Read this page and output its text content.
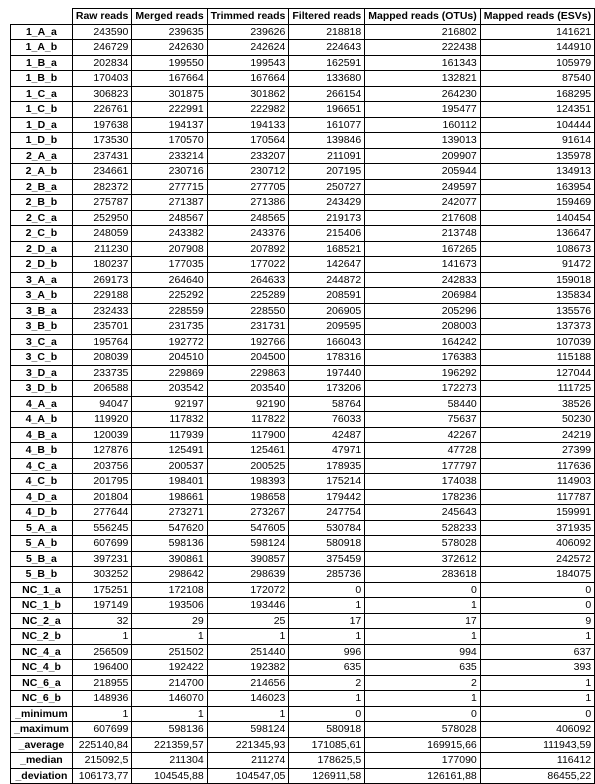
	Raw reads	Merged reads	Trimmed reads	Filtered reads	Mapped reads (OTUs)	Mapped reads (ESVs)
1_A_a	243590	239635	239626	218818	216802	141621
1_A_b	246729	242630	242624	224643	222438	144910
1_B_a	202834	199550	199543	162591	161343	105979
1_B_b	170403	167664	167664	133680	132821	87540
1_C_a	306823	301875	301862	266154	264230	168295
1_C_b	226761	222991	222982	196651	195477	124351
1_D_a	197638	194137	194133	161077	160112	104444
1_D_b	173530	170570	170564	139846	139013	91614
2_A_a	237431	233214	233207	211091	209907	135978
2_A_b	234661	230716	230712	207195	205944	134913
2_B_a	282372	277715	277705	250727	249597	163954
2_B_b	275787	271387	271386	243429	242077	159469
2_C_a	252950	248567	248565	219173	217608	140454
2_C_b	248059	243382	243376	215406	213748	136647
2_D_a	211230	207908	207892	168521	167265	108673
2_D_b	180237	177035	177022	142647	141673	91472
3_A_a	269173	264640	264633	244872	242833	159018
3_A_b	229188	225292	225289	208591	206984	135834
3_B_a	232433	228559	228550	206905	205296	135576
3_B_b	235701	231735	231731	209595	208003	137373
3_C_a	195764	192772	192766	166043	164242	107039
3_C_b	208039	204510	204500	178316	176383	115188
3_D_a	233735	229869	229863	197440	196292	127044
3_D_b	206588	203542	203540	173206	172273	111725
4_A_a	94047	92197	92190	58764	58440	38526
4_A_b	119920	117832	117822	76033	75637	50230
4_B_a	120039	117939	117900	42487	42267	24219
4_B_b	127876	125491	125461	47971	47728	27399
4_C_a	203756	200537	200525	178935	177797	117636
4_C_b	201795	198401	198393	175214	174038	114903
4_D_a	201804	198661	198658	179442	178236	117787
4_D_b	277644	273271	273267	247754	245643	159991
5_A_a	556245	547620	547605	530784	528233	371935
5_A_b	607699	598136	598124	580918	578028	406092
5_B_a	397231	390861	390857	375459	372612	242572
5_B_b	303252	298642	298639	285736	283618	184075
NC_1_a	175251	172108	172072	0	0	0
NC_1_b	197149	193506	193446	1	1	0
NC_2_a	32	29	25	17	17	9
NC_2_b	1	1	1	1	1	1
NC_4_a	256509	251502	251440	996	994	637
NC_4_b	196400	192422	192382	635	635	393
NC_6_a	218955	214700	214656	2	2	1
NC_6_b	148936	146070	146023	1	1	1
_minimum	1	1	1	0	0	0
_maximum	607699	598136	598124	580918	578028	406092
_average	225140,84	221359,57	221345,93	171085,61	169915,66	111943,59
_median	215092,5	211304	211274	178625,5	177090	116412
_deviation	106173,77	104545,88	104547,05	126911,58	126161,88	86455,22
